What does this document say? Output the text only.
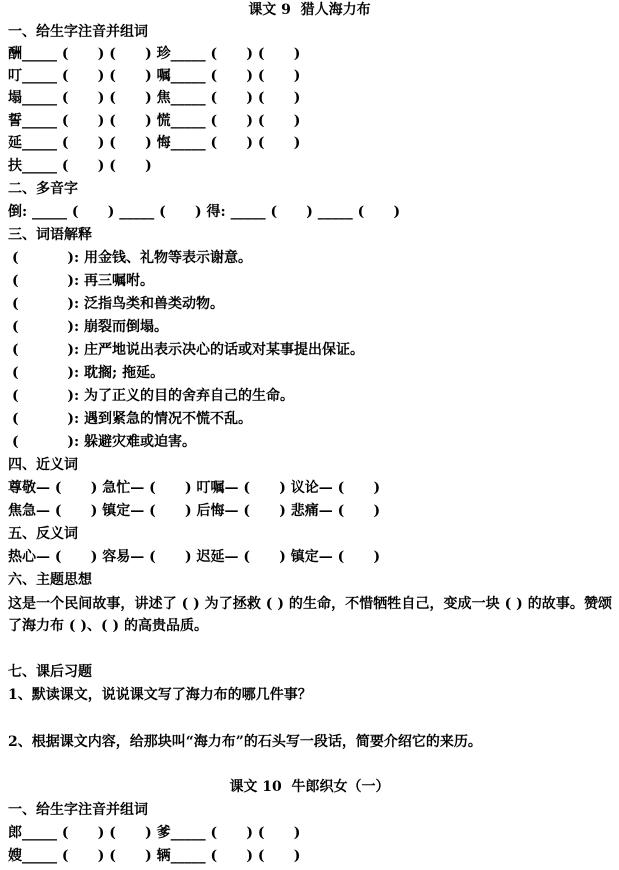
课文 9  猎人海力布
一、给生字注音并组词
酬_____ (      ) (      ) 珍_____ (      ) (      )
叮_____ (      ) (      ) 嘱_____ (      ) (      )
塌_____ (      ) (      ) 焦_____ (      ) (      )
誓_____ (      ) (      ) 慌_____ (      ) (      )
延_____ (      ) (      ) 悔_____ (      ) (      )
扶_____ (      ) (      )
二、多音字
倒: _____ (      ) _____ (      ) 得: _____ (      ) _____ (      )
三、词语解释
(          ): 用金钱、礼物等表示谢意。
(          ): 再三嘱咐。
(          ): 泛指鸟类和兽类动物。
(          ): 崩裂而倒塌。
(          ): 庄严地说出表示决心的话或对某事提出保证。
(          ): 耽搁; 拖延。
(          ): 为了正义的目的舍弃自己的生命。
(          ): 遇到紧急的情况不慌不乱。
(          ): 躲避灾难或迫害。
四、近义词
尊敬— (      ) 急忙— (      ) 叮嘱— (      ) 议论— (      )
焦急— (      ) 镇定— (      ) 后悔— (      ) 悲痛— (      )
五、反义词
热心— (      ) 容易— (      ) 迟延— (      ) 镇定— (      )
六、主题思想
这是一个民间故事，讲述了 ( ) 为了拯救 ( ) 的生命，不惜牺牲自己，变成一块 ( ) 的故事。赞颂了海力布 ( )、( ) 的高贵品质。
七、课后习题
1、默读课文，说说课文写了海力布的哪几件事？
2、根据课文内容，给那块叫“海力布”的石头写一段话，简要介绍它的来历。
课文 10  牛郎织女（一）
一、给生字注音并组词
郎_____ (      ) (      ) 爹_____ (      ) (      )
嫂_____ (      ) (      ) 辆_____ (      ) (      )
